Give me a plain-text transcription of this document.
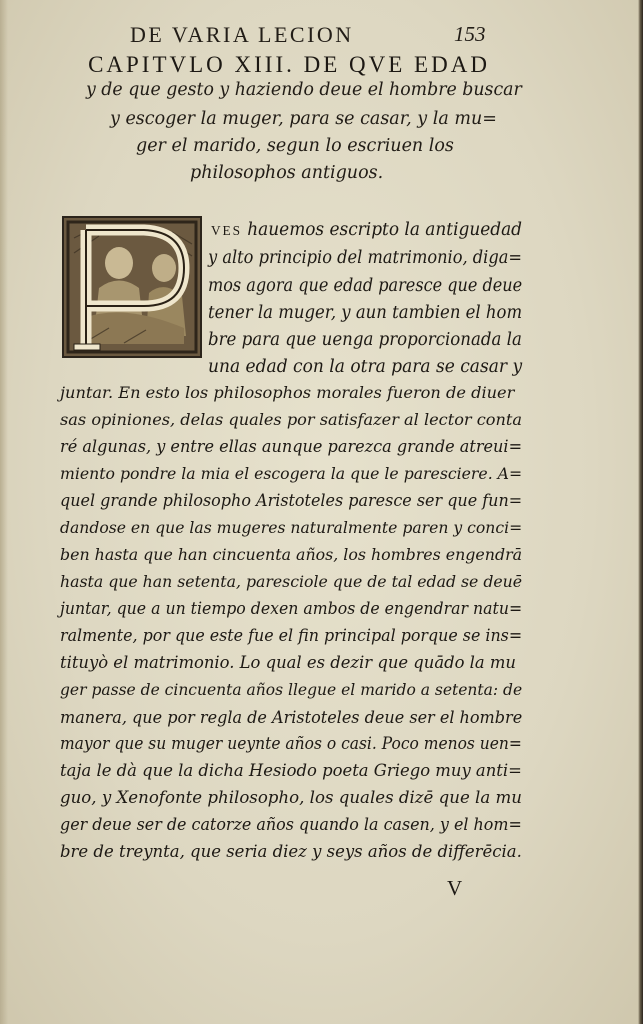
DE VARIA LECION	153
CAPITVLO XIII. DE QVE EDAD
y de que gesto y haziendo deue el hombre buscar
y escoger la muger, para se casar, y la mu=
ger el marido, segun lo escriuen los
philosophos antiguos.
VES hauemos escripto la antiguedad
y alto principio del matrimonio, diga=
mos agora que edad paresce que deue
tener la muger, y aun tambien el hom
bre para que uenga proporcionada la
una edad con la otra para se casar y
juntar. En esto los philosophos morales fueron de diuer
sas opiniones, delas quales por satisfazer al lector conta
ré algunas, y entre ellas aunque parezca grande atreui=
miento pondre la mia el escogera la que le paresciere. A=
quel grande philosopho Aristoteles paresce ser que fun=
dandose en que las mugeres naturalmente paren y conci=
ben hasta que han cincuenta años, los hombres engendrā
hasta que han setenta, paresciole que de tal edad se deuē
juntar, que a un tiempo dexen ambos de engendrar natu=
ralmente, por que este fue el fin principal porque se ins=
tituyò el matrimonio. Lo qual es dezir que quādo la mu
ger passe de cincuenta años llegue el marido a setenta: de
manera, que por regla de Aristoteles deue ser el hombre
mayor que su muger ueynte años o casi. Poco menos uen=
taja le dà que la dicha Hesiodo poeta Griego muy anti=
guo, y Xenofonte philosopho, los quales dizē que la mu
ger deue ser de catorze años quando la casen, y el hom=
bre de treynta, que seria diez y seys años de differēcia.
V
